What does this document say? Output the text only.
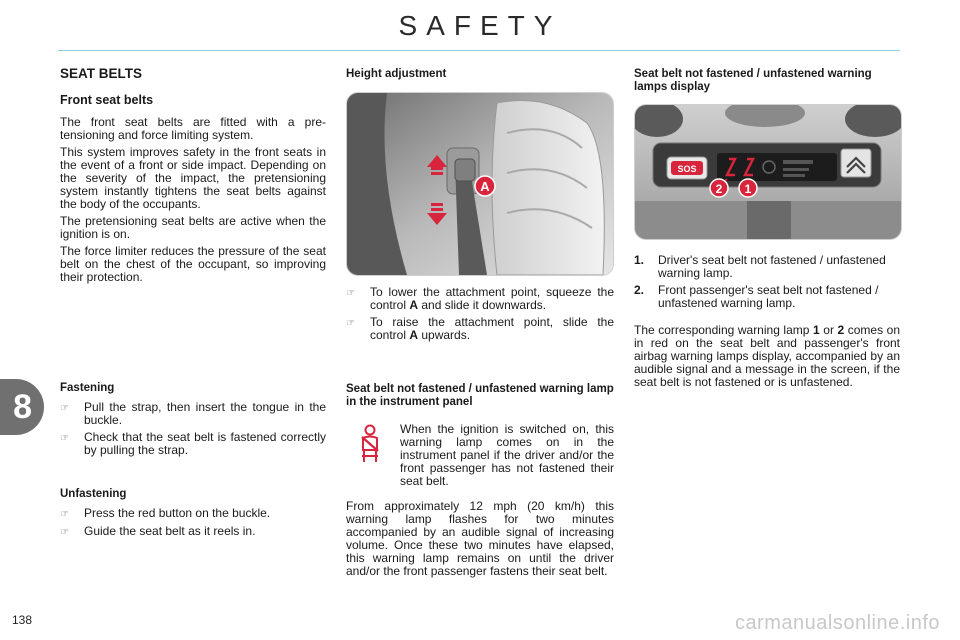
SAFETY
8
SEAT BELTS
Front seat belts

The front seat belts are fitted with a pre-tensioning and force limiting system.

This system improves safety in the front seats in the event of a front or side impact. Depending on the severity of the impact, the pretensioning system instantly tightens the seat belts against the body of the occupants.

The pretensioning seat belts are active when the ignition is on.

The force limiter reduces the pressure of the seat belt on the chest of the occupant, so improving their protection.

Fastening
☞	Pull the strap, then insert the tongue in the buckle.
☞	Check that the seat belt is fastened correctly by pulling the strap.
Unfastening
☞	Press the red button on the buckle.
☞	Guide the seat belt as it reels in.
Height adjustment
A
☞	To lower the attachment point, squeeze the control A and slide it downwards.
☞	To raise the attachment point, slide the control A upwards.
Seat belt not fastened / unfastened warning lamp in the instrument panel
When the ignition is switched on, this warning lamp comes on in the instrument panel if the driver and/or the front passenger has not fastened their seat belt.
From approximately 12 mph (20 km/h) this warning lamp flashes for two minutes accompanied by an audible signal of increasing volume. Once these two minutes have elapsed, this warning lamp remains on until the driver and/or the front passenger fastens their seat belt.
Seat belt not fastened / unfastened warning lamps display
SOS
2 1
1.	Driver's seat belt not fastened / unfastened warning lamp.
2.	Front passenger's seat belt not fastened / unfastened warning lamp.
The corresponding warning lamp 1 or 2 comes on in red on the seat belt and passenger's front airbag warning lamps display, accompanied by an audible signal and a message in the screen, if the seat belt is not fastened or is unfastened.
138	carmanualsonline.info
